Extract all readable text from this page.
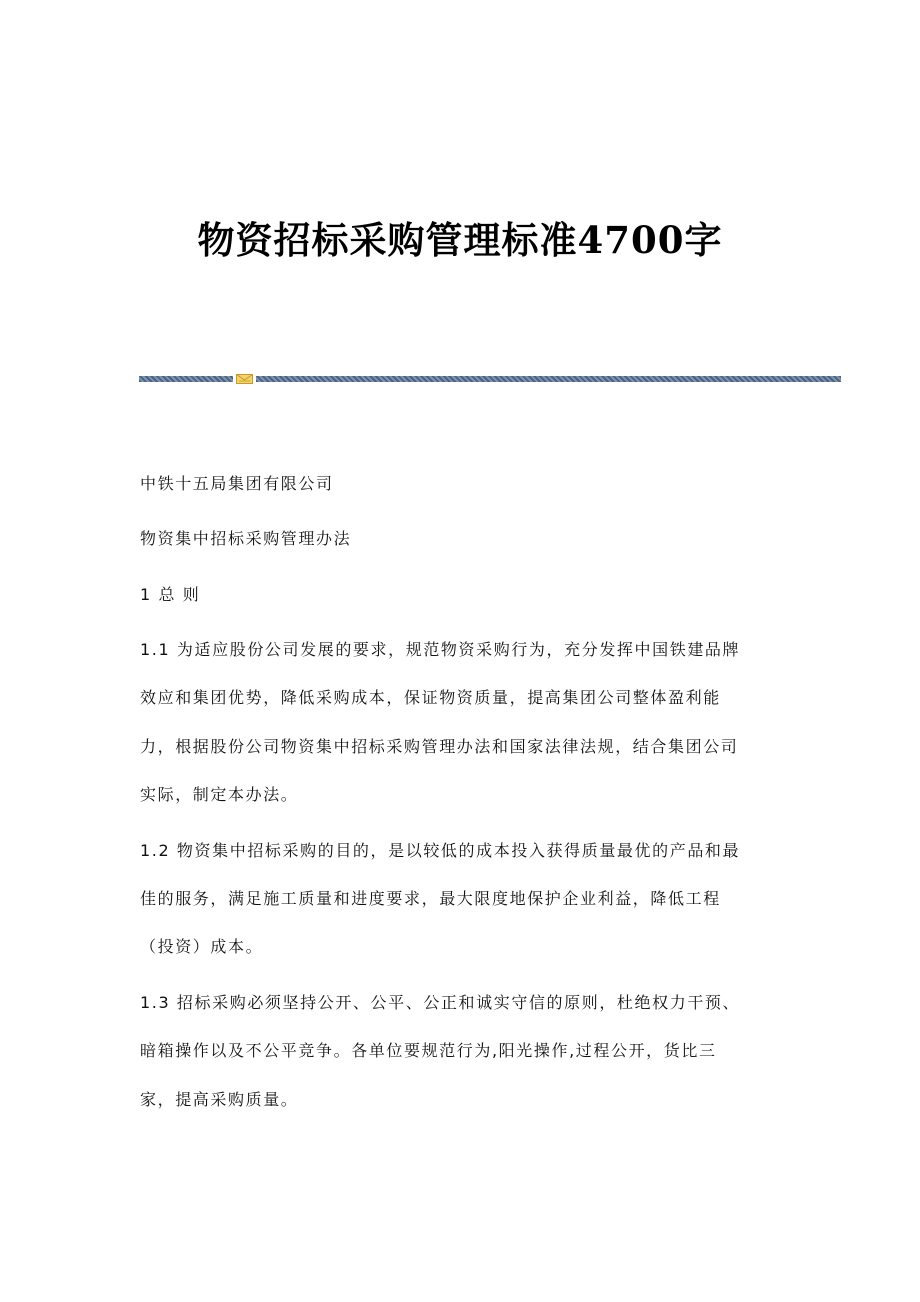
物资招标采购管理标准4700字
中铁十五局集团有限公司
物资集中招标采购管理办法
1 总 则
1.1 为适应股份公司发展的要求，规范物资采购行为，充分发挥中国铁建品牌
效应和集团优势，降低采购成本，保证物资质量，提高集团公司整体盈利能
力，根据股份公司物资集中招标采购管理办法和国家法律法规，结合集团公司
实际，制定本办法。
1.2 物资集中招标采购的目的，是以较低的成本投入获得质量最优的产品和最
佳的服务，满足施工质量和进度要求，最大限度地保护企业利益，降低工程
（投资）成本。
1.3 招标采购必须坚持公开、公平、公正和诚实守信的原则，杜绝权力干预、
暗箱操作以及不公平竞争。各单位要规范行为,阳光操作,过程公开，货比三
家，提高采购质量。
